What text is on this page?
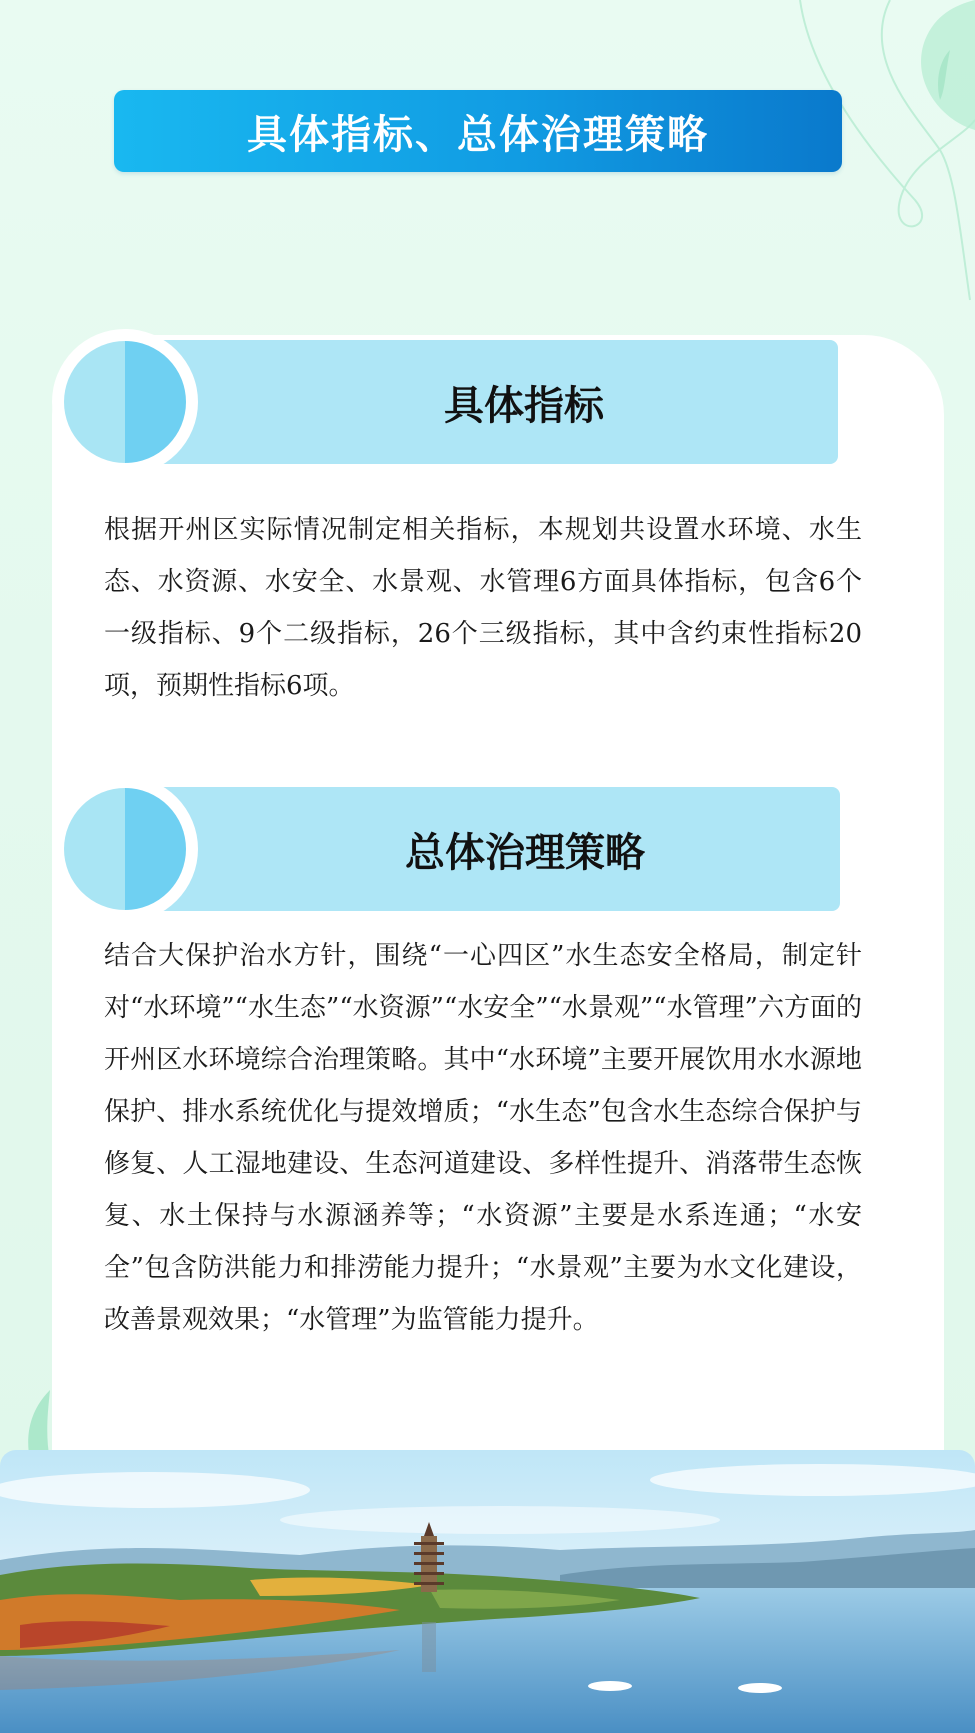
具体指标、总体治理策略
具体指标
根据开州区实际情况制定相关指标，本规划共设置水环境、水生态、水资源、水安全、水景观、水管理6方面具体指标，包含6个一级指标、9个二级指标，26个三级指标，其中含约束性指标20项，预期性指标6项。
总体治理策略
结合大保护治水方针，围绕“一心四区”水生态安全格局，制定针对“水环境”“水生态”“水资源”“水安全”“水景观”“水管理”六方面的开州区水环境综合治理策略。其中“水环境”主要开展饮用水水源地保护、排水系统优化与提效增质；“水生态”包含水生态综合保护与修复、人工湿地建设、生态河道建设、多样性提升、消落带生态恢复、水土保持与水源涵养等；“水资源”主要是水系连通；“水安全”包含防洪能力和排涝能力提升；“水景观”主要为水文化建设，改善景观效果；“水管理”为监管能力提升。
